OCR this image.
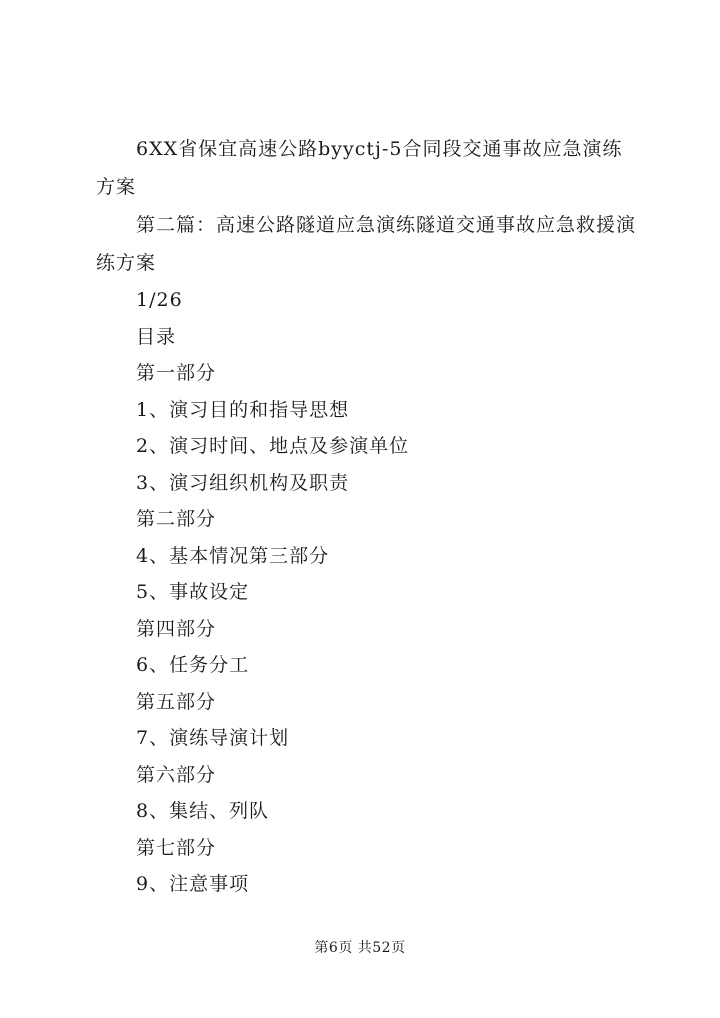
6XX省保宜高速公路byyctj-5合同段交通事故应急演练方案

第二篇：高速公路隧道应急演练隧道交通事故应急救援演练方案

1/26

目录

第一部分

1、演习目的和指导思想

2、演习时间、地点及参演单位

3、演习组织机构及职责

第二部分

4、基本情况第三部分

5、事故设定

第四部分

6、任务分工

第五部分

7、演练导演计划

第六部分

8、集结、列队

第七部分

9、注意事项

第6页 共52页
